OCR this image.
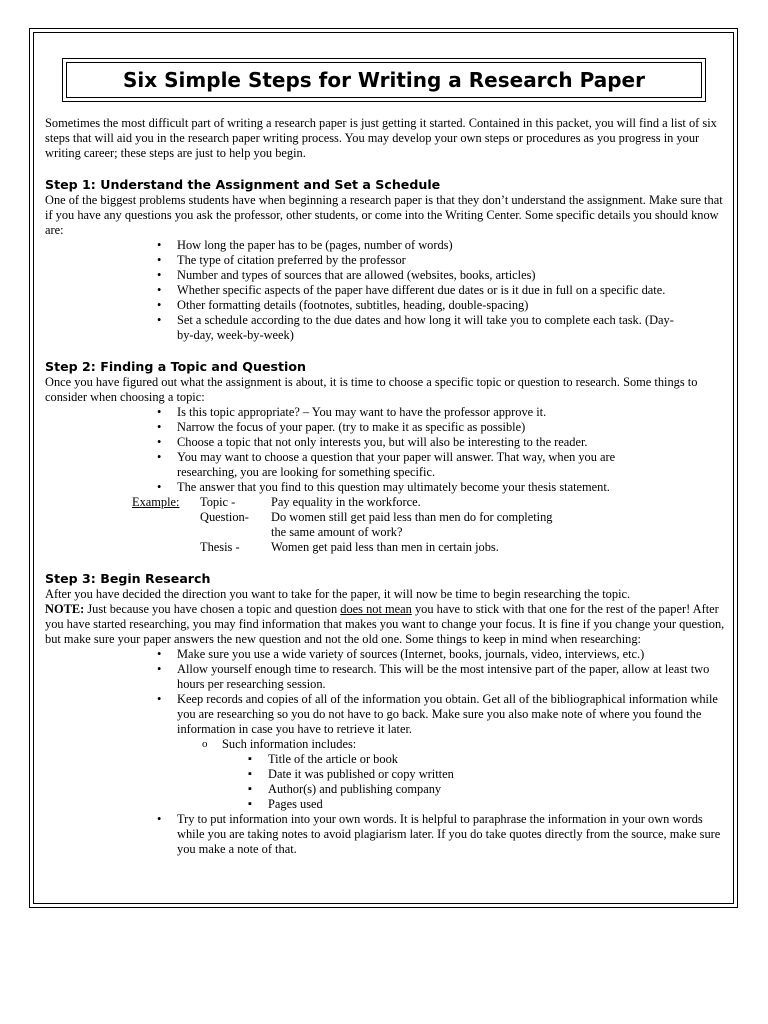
Six Simple Steps for Writing a Research Paper

Sometimes the most difficult part of writing a research paper is just getting it started. Contained in this packet, you will find a list of six steps that will aid you in the research paper writing process. You may develop your own steps or procedures as you progress in your writing career; these steps are just to help you begin.

Step 1: Understand the Assignment and Set a Schedule

One of the biggest problems students have when beginning a research paper is that they don’t understand the assignment. Make sure that if you have any questions you ask the professor, other students, or come into the Writing Center. Some specific details you should know are:

• How long the paper has to be (pages, number of words)
• The type of citation preferred by the professor
• Number and types of sources that are allowed (websites, books, articles)
• Whether specific aspects of the paper have different due dates or is it due in full on a specific date.
• Other formatting details (footnotes, subtitles, heading, double-spacing)
• Set a schedule according to the due dates and how long it will take you to complete each task. (Day-by-day, week-by-week)
Step 2: Finding a Topic and Question

Once you have figured out what the assignment is about, it is time to choose a specific topic or question to research. Some things to consider when choosing a topic:

• Is this topic appropriate? – You may want to have the professor approve it.
• Narrow the focus of your paper. (try to make it as specific as possible)
• Choose a topic that not only interests you, but will also be interesting to the reader.
• You may want to choose a question that your paper will answer. That way, when you are researching, you are looking for something specific.
• The answer that you find to this question may ultimately become your thesis statement.
Example: Topic -	Pay equality in the workforce.
Question- Do women still get paid less than men do for completing
the same amount of work?
Thesis -	Women get paid less than men in certain jobs.
Step 3: Begin Research

After you have decided the direction you want to take for the paper, it will now be time to begin researching the topic.
NOTE: Just because you have chosen a topic and question does not mean you have to stick with that one for the rest of the paper! After you have started researching, you may find information that makes you want to change your focus. It is fine if you change your question, but make sure your paper answers the new question and not the old one. Some things to keep in mind when researching:

• Make sure you use a wide variety of sources (Internet, books, journals, video, interviews, etc.)
• Allow yourself enough time to research. This will be the most intensive part of the paper, allow at least two hours per researching session.
• Keep records and copies of all of the information you obtain. Get all of the bibliographical information while you are researching so you do not have to go back. Make sure you also make note of where you found the information in case you have to retrieve it later.
o Such information includes:
▪ Title of the article or book
▪ Date it was published or copy written
▪ Author(s) and publishing company
▪ Pages used
• Try to put information into your own words. It is helpful to paraphrase the information in your own words while you are taking notes to avoid plagiarism later. If you do take quotes directly from the source, make sure you make a note of that.
